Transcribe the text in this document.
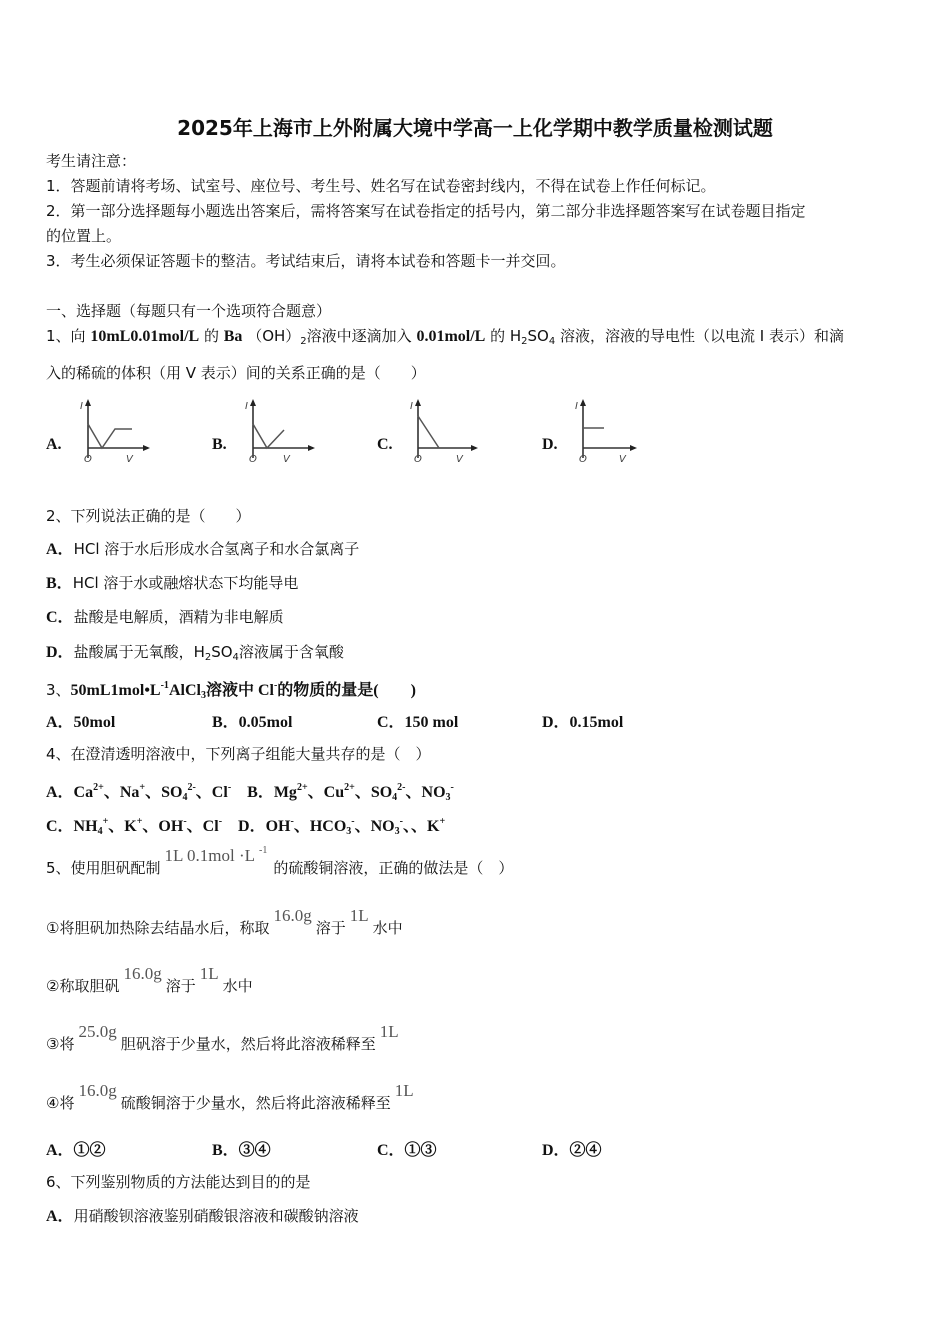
2025年上海市上外附属大境中学高一上化学期中教学质量检测试题
考生请注意：
1．答题前请将考场、试室号、座位号、考生号、姓名写在试卷密封线内，不得在试卷上作任何标记。
2．第一部分选择题每小题选出答案后，需将答案写在试卷指定的括号内，第二部分非选择题答案写在试卷题目指定
的位置上。
3．考生必须保证答题卡的整洁。考试结束后，请将本试卷和答题卡一并交回。
一、选择题（每题只有一个选项符合题意）
1、向 10mL0.01mol/L 的 Ba $(OH)_2$溶液中逐滴加入 0.01mol/L 的 $H_2SO_4$ 溶液，溶液的导电性（以电流 I 表示）和滴
入的稀硫的体积（用 V 表示）间的关系正确的是（　　）
A.
I
O	V
B.
I
O	V
C.
I
O	V
D.
I
O	V
2、下列说法正确的是（　　）
A．HCl 溶于水后形成水合氢离子和水合氯离子
B．HCl 溶于水或融熔状态下均能导电
C．盐酸是电解质，酒精为非电解质
D．盐酸属于无氧酸，$H_2SO_4$溶液属于含氧酸
3、$50mL1mol•L^{-1}AlCl_3$溶液中 Cl-的物质的量是(　　)
A．50mol	B．0.05mol	C．150 mol	D．0.15mol
4、在澄清透明溶液中，下列离子组能大量共存的是（　）
A．$Ca^{2+}$、Na+、$SO_4^{2-}$、Cl-　B．$Mg^{2+}$、$Cu^{2+}$、$SO_4^{2-}$、$NO_3^-$
C．$NH_4^+$、K+、OH-、Cl-　D．OH-、$HCO_3^-$、$NO_3^-$、、K+
5、使用胆矾配制1L 0.1mol ·L $^{-1}$的硫酸铜溶液，正确的做法是（　）
①将胆矾加热除去结晶水后，称取16.0g溶于1L水中
②称取胆矾16.0g溶于1L水中
③将25.0g胆矾溶于少量水，然后将此溶液稀释至1L
④将16.0g硫酸铜溶于少量水，然后将此溶液稀释至1L
A．①②	B．③④	C．①③	D．②④
6、下列鉴别物质的方法能达到目的的是
A．用硝酸钡溶液鉴别硝酸银溶液和碳酸钠溶液
